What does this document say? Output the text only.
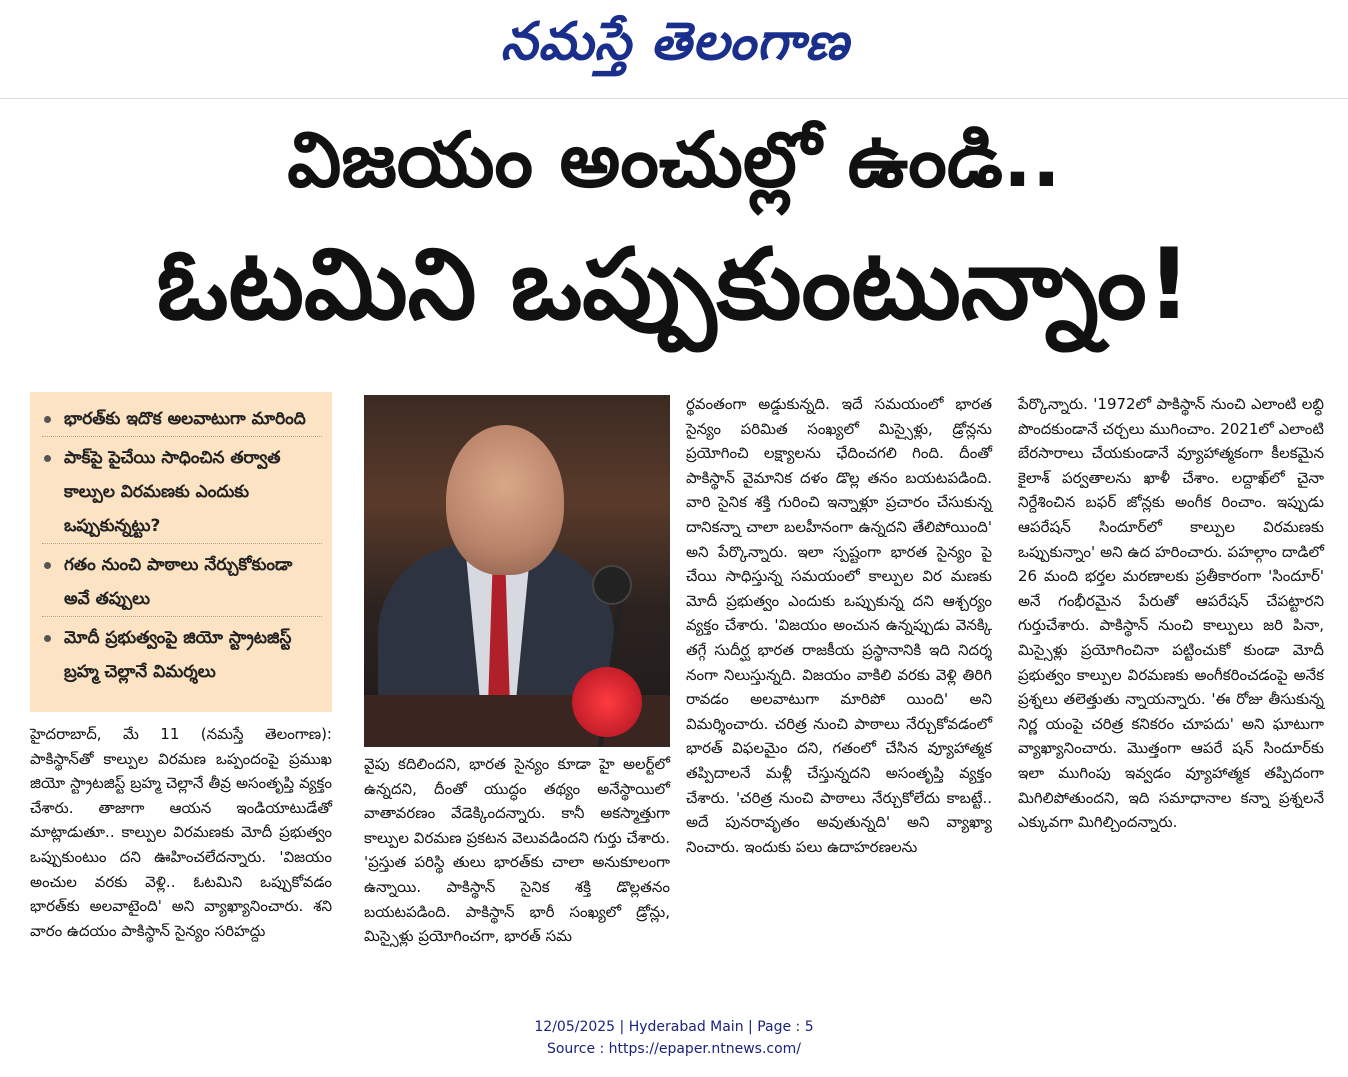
నమస్తే తెలంగాణ
విజయం అంచుల్లో ఉండి..
ఓటమిని ఒప్పుకుంటున్నాం!
భారత్‌కు ఇదొక అలవాటుగా మారింది
పాక్‌పై పైచేయి సాధించిన తర్వాత కాల్పుల విరమణకు ఎందుకు ఒప్పుకున్నట్టు?
గతం నుంచి పాఠాలు నేర్చుకోకుండా అవే తప్పులు
మోదీ ప్రభుత్వంపై జియో స్ట్రాటజిస్ట్ బ్రహ్మ చెల్లానే విమర్శలు

హైదరాబాద్, మే 11 (నమస్తే తెలంగాణ): పాకిస్థాన్‌తో కాల్పుల విరమణ ఒప్పందంపై ప్రముఖ జియో స్ట్రాటజిస్ట్ బ్రహ్మ చెల్లానే తీవ్ర అసంతృప్తి వ్యక్తం చేశారు. తాజాగా ఆయన ఇండియాటుడేతో మాట్లాడుతూ.. కాల్పుల విరమణకు మోదీ ప్రభుత్వం ఒప్పుకుంటుం దని ఊహించలేదన్నారు. 'విజయం అంచుల వరకు వెళ్లి.. ఓటమిని ఒప్పుకోవడం భారత్‌కు అలవాటైంది' అని వ్యాఖ్యానించారు. శని వారం ఉదయం పాకిస్థాన్ సైన్యం సరిహద్దు

వైపు కదిలిందని, భారత సైన్యం కూడా హై అలర్ట్‌లో ఉన్నదని, దీంతో యుద్ధం తథ్యం అనేస్థాయిలో వాతావరణం వేడెక్కిందన్నారు. కానీ అకస్మాత్తుగా కాల్పుల విరమణ ప్రకటన వెలువడిందని గుర్తు చేశారు. 'ప్రస్తుత పరిస్థి తులు భారత్‌కు చాలా అనుకూలంగా ఉన్నాయి. పాకిస్థాన్ సైనిక శక్తి డొల్లతనం బయటపడింది. పాకిస్థాన్ భారీ సంఖ్యలో డ్రోన్లు, మిస్సైళ్లు ప్రయోగించగా, భారత్ సమ

ర్థవంతంగా అడ్డుకున్నది. ఇదే సమయంలో భారత సైన్యం పరిమిత సంఖ్యలో మిస్సైళ్లు, డ్రోన్లను ప్రయోగించి లక్ష్యాలను ఛేదించగలి గింది. దీంతో పాకిస్థాన్ వైమానిక దళం డొల్ల తనం బయటపడింది. వారి సైనిక శక్తి గురించి ఇన్నాళ్లూ ప్రచారం చేసుకున్న దానికన్నా చాలా బలహీనంగా ఉన్నదని తేలిపోయింది' అని పేర్కొన్నారు. ఇలా స్పష్టంగా భారత సైన్యం పై చేయి సాధిస్తున్న సమయంలో కాల్పుల విర మణకు మోదీ ప్రభుత్వం ఎందుకు ఒప్పుకున్న దని ఆశ్చర్యం వ్యక్తం చేశారు. 'విజయం అంచున ఉన్నప్పుడు వెనక్కి తగ్గే సుదీర్ఘ భారత రాజకీయ ప్రస్థానానికి ఇది నిదర్శ నంగా నిలుస్తున్నది. విజయం వాకిలి వరకు వెళ్లి తిరిగి రావడం అలవాటుగా మారిపో యింది' అని విమర్శించారు. చరిత్ర నుంచి పాఠాలు నేర్చుకోవడంలో భారత్ విఫలమైం దని, గతంలో చేసిన వ్యూహాత్మక తప్పిదాలనే మళ్లీ చేస్తున్నదని అసంతృప్తి వ్యక్తం చేశారు. 'చరిత్ర నుంచి పాఠాలు నేర్చుకోలేదు కాబట్టే.. అదే పునరావృతం అవుతున్నది' అని వ్యాఖ్యా నించారు. ఇందుకు పలు ఉదాహరణలను

పేర్కొన్నారు. '1972లో పాకిస్థాన్ నుంచి ఎలాంటి లబ్ధి పొందకుండానే చర్చలు ముగించాం. 2021లో ఎలాంటి బేరసారాలు చేయకుండానే వ్యూహాత్మకంగా కీలకమైన కైలాశ్ పర్వతాలను ఖాళీ చేశాం. లద్దాఖ్‌లో చైనా నిర్దేశించిన బఫర్ జోన్లకు అంగీక రించాం. ఇప్పుడు ఆపరేషన్ సిందూర్‌లో కాల్పుల విరమణకు ఒప్పుకున్నాం' అని ఉద హరించారు. పహల్గాం దాడిలో 26 మంది భర్తల మరణాలకు ప్రతీకారంగా 'సిందూర్' అనే గంభీరమైన పేరుతో ఆపరేషన్ చేపట్టారని గుర్తుచేశారు. పాకిస్థాన్ నుంచి కాల్పులు జరి పినా, మిస్సైళ్లు ప్రయోగించినా పట్టించుకో కుండా మోదీ ప్రభుత్వం కాల్పుల విరమణకు అంగీకరించడంపై అనేక ప్రశ్నలు తలెత్తుతు న్నాయన్నారు. 'ఈ రోజు తీసుకున్న నిర్ణ యంపై చరిత్ర కనికరం చూపదు' అని ఘాటుగా వ్యాఖ్యానించారు. మొత్తంగా ఆపరే షన్ సిందూర్‌కు ఇలా ముగింపు ఇవ్వడం వ్యూహాత్మక తప్పిదంగా మిగిలిపోతుందని, ఇది సమాధానాల కన్నా ప్రశ్నలనే ఎక్కువగా మిగిల్చిందన్నారు.

12/05/2025 | Hyderabad Main | Page : 5
Source : https://epaper.ntnews.com/
